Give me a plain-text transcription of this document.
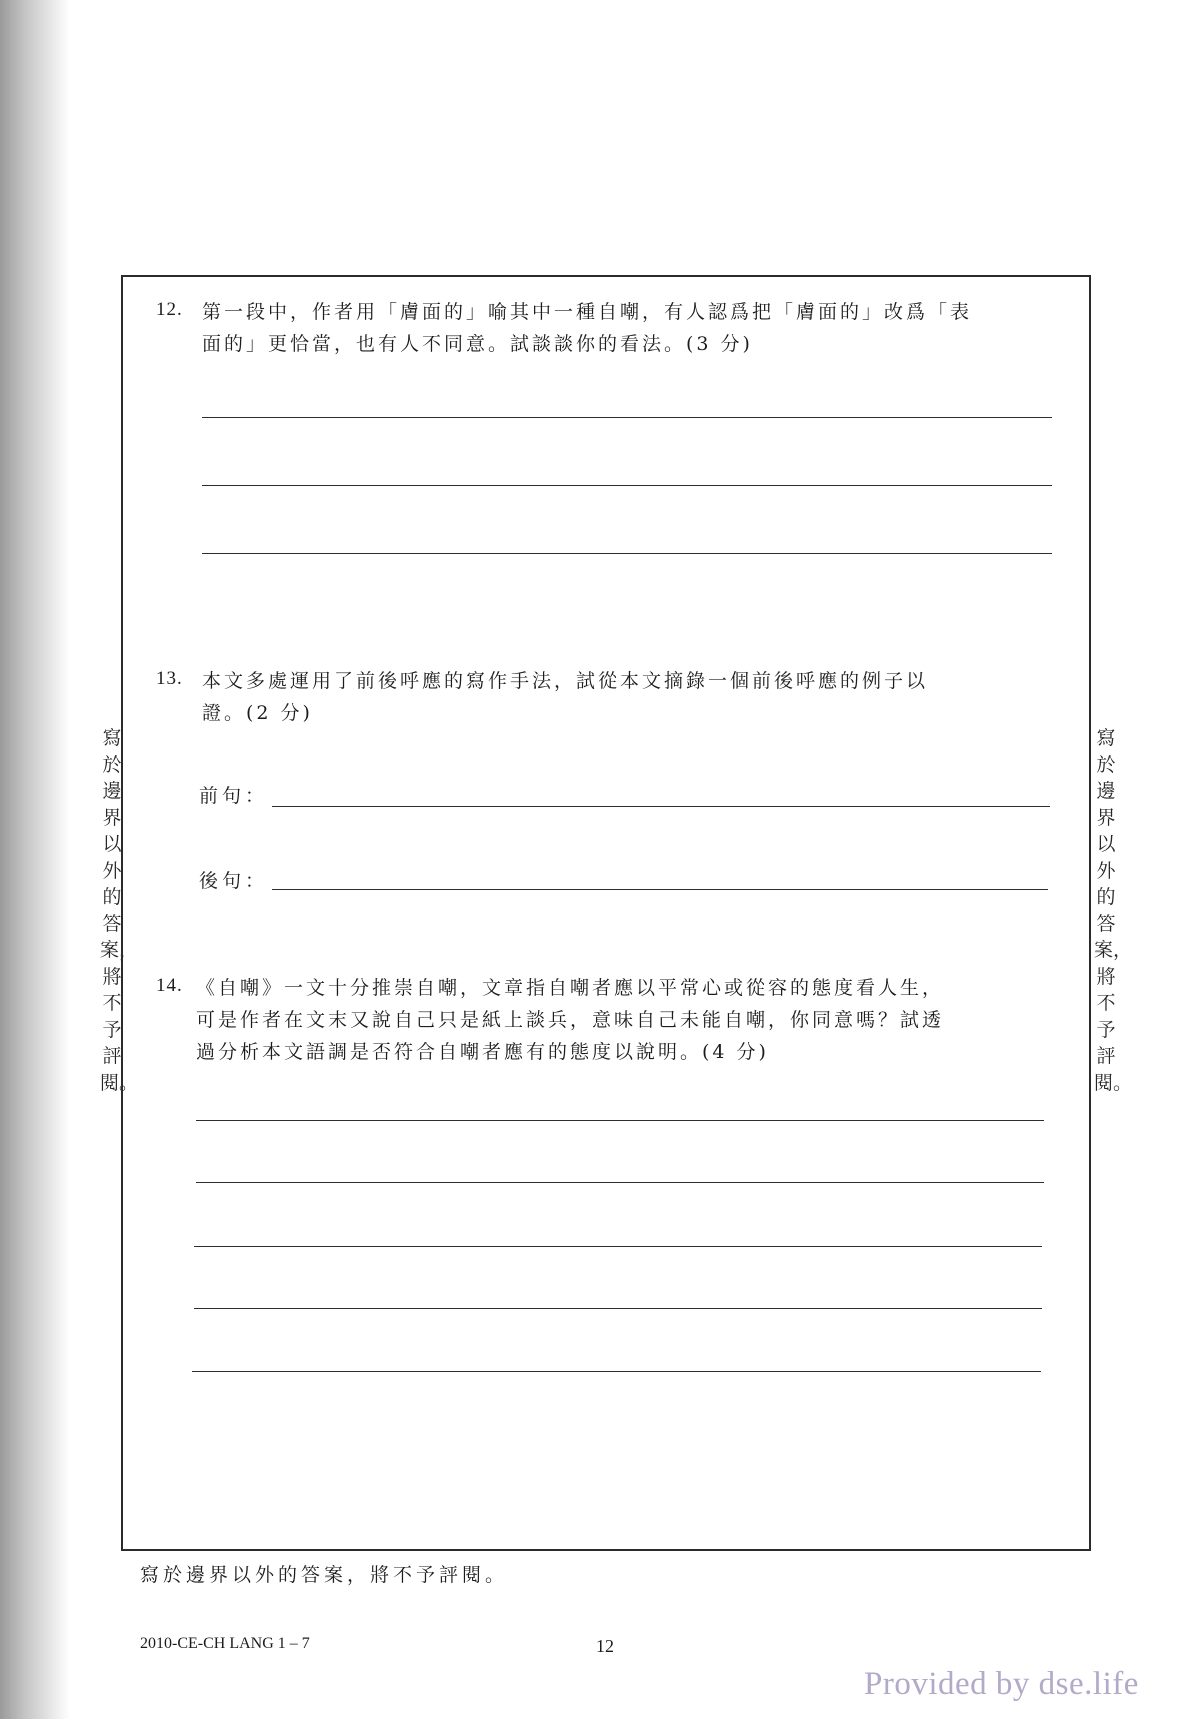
寫於邊界以外的答案，將不予評閱。
寫於邊界以外的答案，將不予評閱。
12. 第一段中，作者用「膚面的」喻其中一種自嘲，有人認爲把「膚面的」改爲「表
面的」更恰當，也有人不同意。試談談你的看法。(3 分)
13. 本文多處運用了前後呼應的寫作手法，試從本文摘錄一個前後呼應的例子以
證。(2 分)
前句：
後句：
14. 《自嘲》一文十分推崇自嘲，文章指自嘲者應以平常心或從容的態度看人生，
可是作者在文末又說自己只是紙上談兵，意味自己未能自嘲，你同意嗎？試透
過分析本文語調是否符合自嘲者應有的態度以說明。(4 分)
寫於邊界以外的答案，將不予評閱。
2010-CE-CH LANG 1 – 7	12
Provided by dse.life
